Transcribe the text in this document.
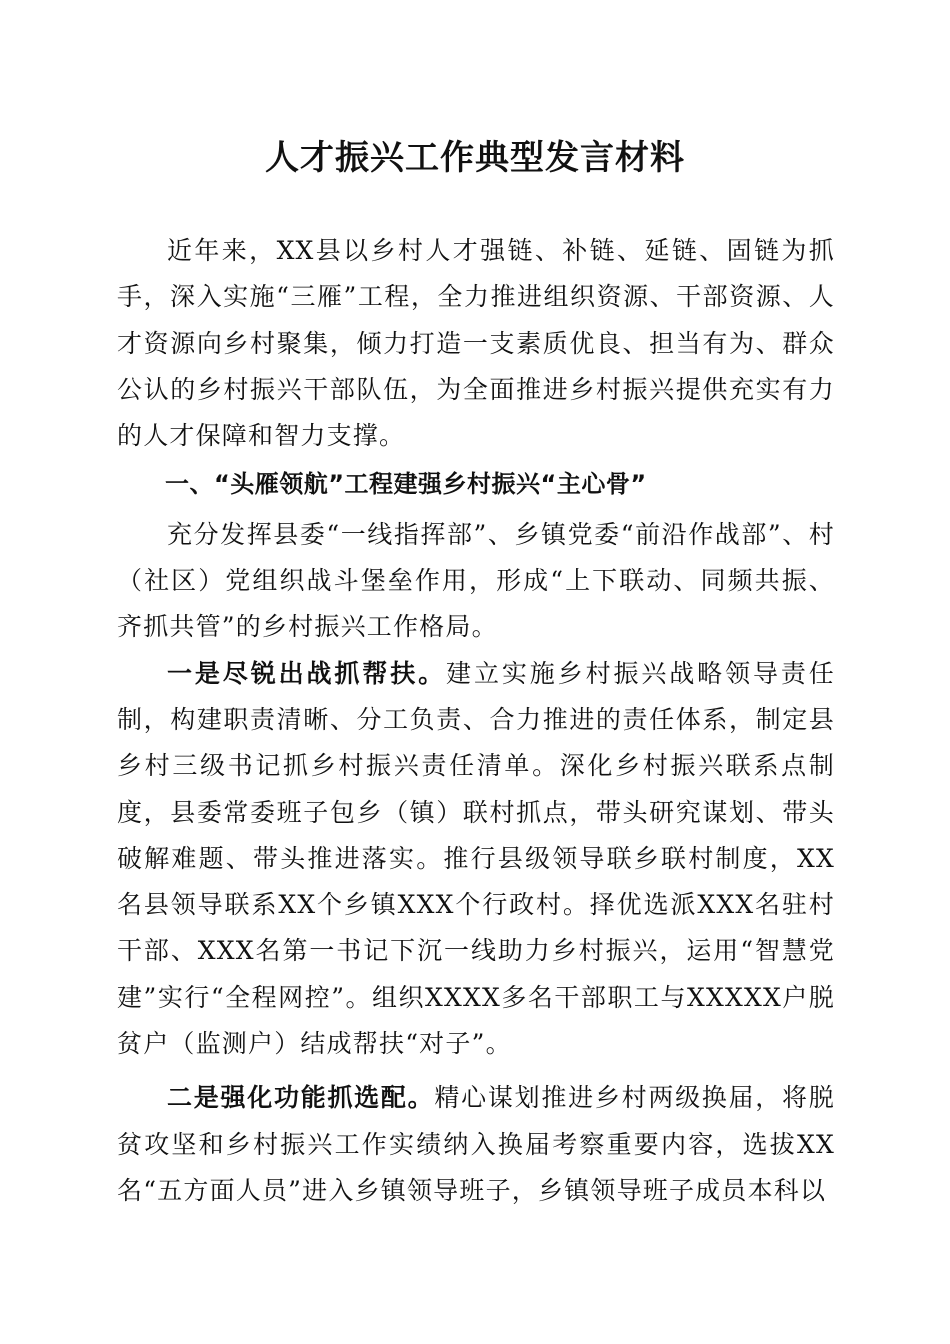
人才振兴工作典型发言材料

近年来，XX县以乡村人才强链、补链、延链、固链为抓手，深入实施“三雁”工程，全力推进组织资源、干部资源、人才资源向乡村聚集，倾力打造一支素质优良、担当有为、群众公认的乡村振兴干部队伍，为全面推进乡村振兴提供充实有力的人才保障和智力支撑。

一、“头雁领航”工程建强乡村振兴“主心骨”

充分发挥县委“一线指挥部”、乡镇党委“前沿作战部”、村（社区）党组织战斗堡垒作用，形成“上下联动、同频共振、齐抓共管”的乡村振兴工作格局。

一是尽锐出战抓帮扶。建立实施乡村振兴战略领导责任制，构建职责清晰、分工负责、合力推进的责任体系，制定县乡村三级书记抓乡村振兴责任清单。深化乡村振兴联系点制度，县委常委班子包乡（镇）联村抓点，带头研究谋划、带头破解难题、带头推进落实。推行县级领导联乡联村制度，XX名县领导联系XX个乡镇XXX个行政村。择优选派XXX名驻村干部、XXX名第一书记下沉一线助力乡村振兴，运用“智慧党建”实行“全程网控”。组织XXXX多名干部职工与XXXXX户脱贫户（监测户）结成帮扶“对子”。

二是强化功能抓选配。精心谋划推进乡村两级换届，将脱贫攻坚和乡村振兴工作实绩纳入换届考察重要内容，选拔XX名“五方面人员”进入乡镇领导班子，乡镇领导班子成员本科以
